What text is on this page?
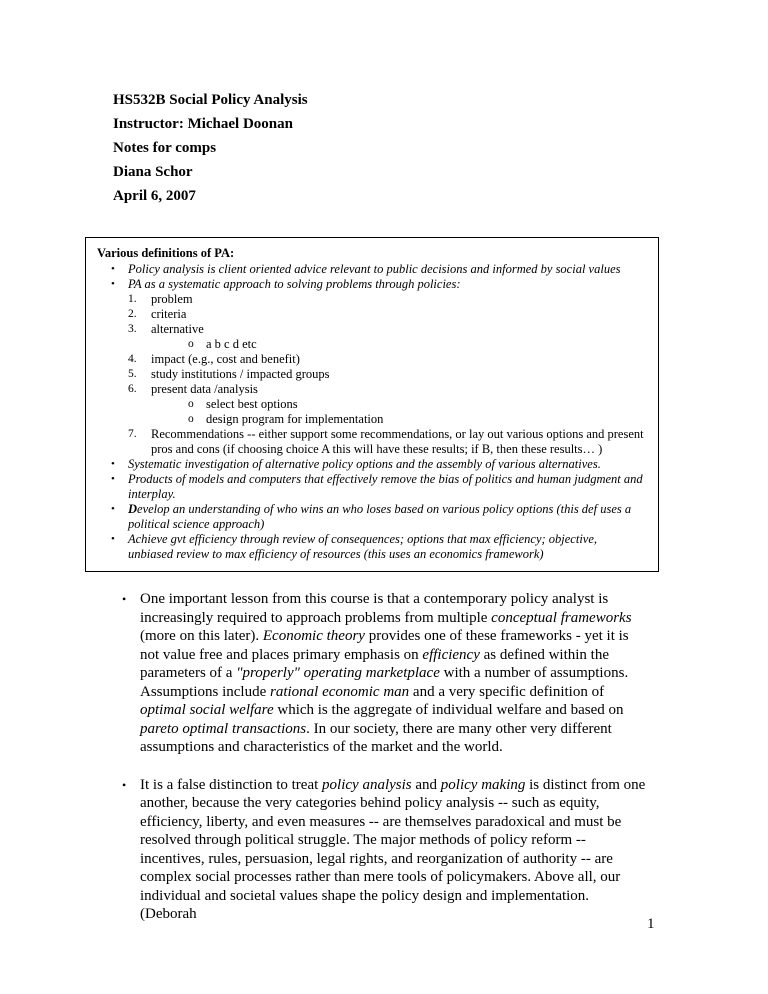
HS532B Social Policy Analysis

Instructor: Michael Doonan

Notes for comps

Diana Schor

April 6, 2007

Various definitions of PA:

•	Policy analysis is client oriented advice relevant to public decisions and informed by social values
•	PA as a systematic approach to solving problems through policies:
1.	problem
2.	criteria
3.	alternative
o a b c d etc
4.	impact (e.g., cost and benefit)
5.	study institutions / impacted groups
6.	present data /analysis
o select best options
o design program for implementation
7.	Recommendations -- either support some recommendations, or lay out various options and present pros and cons (if choosing choice A this will have these results; if B, then these results… )
•	Systematic investigation of alternative policy options and the assembly of various alternatives.
•	Products of models and computers that effectively remove the bias of politics and human judgment and interplay.
•	Develop an understanding of who wins an who loses based on various policy options (this def uses a political science approach)
•	Achieve gvt efficiency through review of consequences; options that max efficiency; objective, unbiased review to max efficiency of resources (this uses an economics framework)
• One important lesson from this course is that a contemporary policy analyst is increasingly required to approach problems from multiple conceptual frameworks (more on this later). Economic theory provides one of these frameworks - yet it is not value free and places primary emphasis on efficiency as defined within the parameters of a "properly" operating marketplace with a number of assumptions. Assumptions include rational economic man and a very specific definition of optimal social welfare which is the aggregate of individual welfare and based on pareto optimal transactions. In our society, there are many other very different assumptions and characteristics of the market and the world.

• It is a false distinction to treat policy analysis and policy making is distinct from one another, because the very categories behind policy analysis -- such as equity, efficiency, liberty, and even measures -- are themselves paradoxical and must be resolved through political struggle. The major methods of policy reform -- incentives, rules, persuasion, legal rights, and reorganization of authority -- are complex social processes rather than mere tools of policymakers. Above all, our individual and societal values shape the policy design and implementation. (Deborah

1
